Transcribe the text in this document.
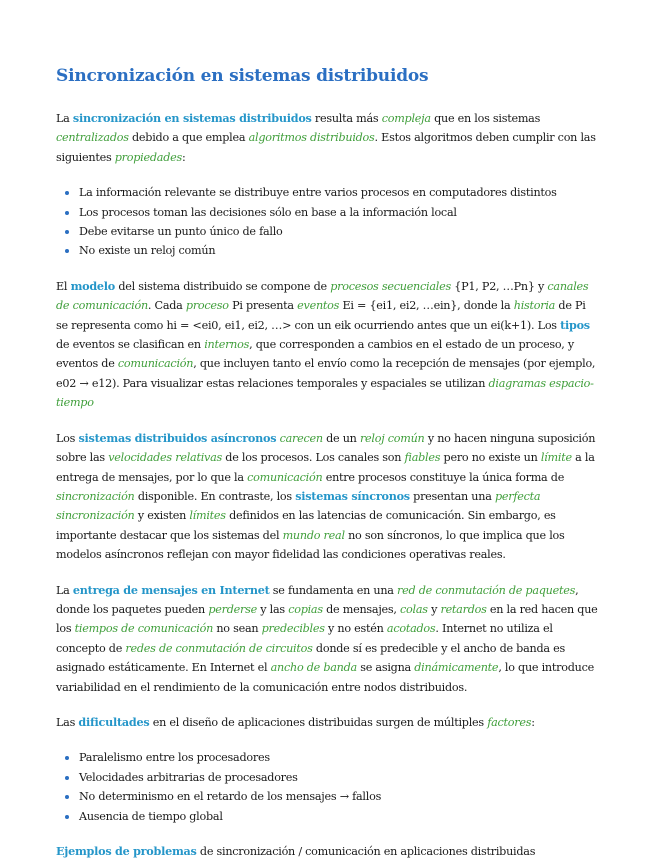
Sincronización en sistemas distribuidos

La sincronización en sistemas distribuidos resulta más compleja que en los sistemas centralizados debido a que emplea algoritmos distribuidos. Estos algoritmos deben cumplir con las siguientes propiedades:

La información relevante se distribuye entre varios procesos en computadores distintos
Los procesos toman las decisiones sólo en base a la información local
Debe evitarse un punto único de fallo
No existe un reloj común

El modelo del sistema distribuido se compone de procesos secuenciales {P1, P2, …Pn} y canales de comunicación. Cada proceso Pi presenta eventos Ei = {ei1, ei2, …ein}, donde la historia de Pi se representa como hi = <ei0, ei1, ei2, …> con un eik ocurriendo antes que un ei(k+1). Los tipos de eventos se clasifican en internos, que corresponden a cambios en el estado de un proceso, y eventos de comunicación, que incluyen tanto el envío como la recepción de mensajes (por ejemplo, e02 → e12). Para visualizar estas relaciones temporales y espaciales se utilizan diagramas espacio-tiempo

Los sistemas distribuidos asíncronos carecen de un reloj común y no hacen ninguna suposición sobre las velocidades relativas de los procesos. Los canales son fiables pero no existe un límite a la entrega de mensajes, por lo que la comunicación entre procesos constituye la única forma de sincronización disponible. En contraste, los sistemas síncronos presentan una perfecta sincronización y existen límites definidos en las latencias de comunicación. Sin embargo, es importante destacar que los sistemas del mundo real no son síncronos, lo que implica que los modelos asíncronos reflejan con mayor fidelidad las condiciones operativas reales.

La entrega de mensajes en Internet se fundamenta en una red de conmutación de paquetes, donde los paquetes pueden perderse y las copias de mensajes, colas y retardos en la red hacen que los tiempos de comunicación no sean predecibles y no estén acotados. Internet no utiliza el concepto de redes de conmutación de circuitos donde sí es predecible y el ancho de banda es asignado estáticamente. En Internet el ancho de banda se asigna dinámicamente, lo que introduce variabilidad en el rendimiento de la comunicación entre nodos distribuidos.

Las dificultades en el diseño de aplicaciones distribuidas surgen de múltiples factores:

Paralelismo entre los procesadores
Velocidades arbitrarias de procesadores
No determinismo en el retardo de los mensajes → fallos
Ausencia de tiempo global

Ejemplos de problemas de sincronización / comunicación en aplicaciones distribuidas
